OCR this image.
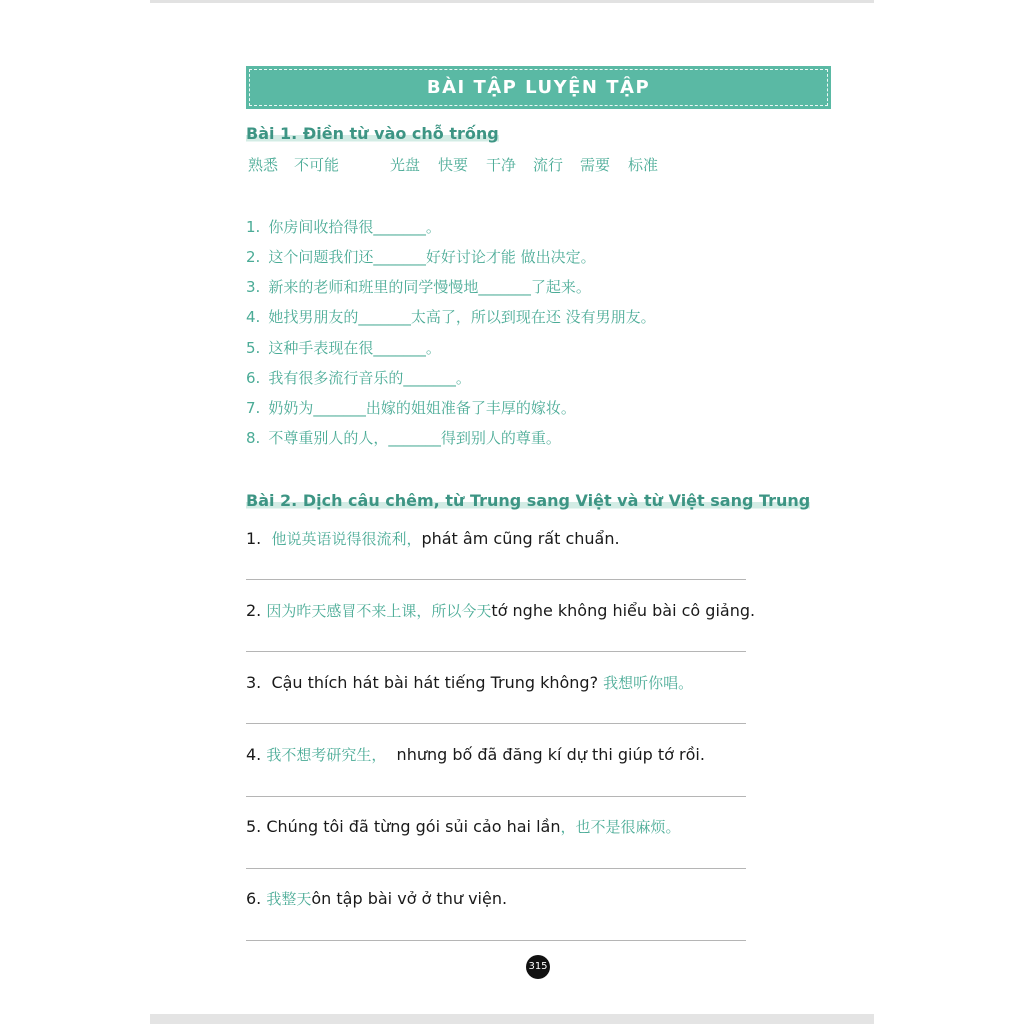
BÀI TẬP LUYỆN TẬP
Bài 1. Điền từ vào chỗ trống
熟悉 不可能	光盘 快要 干净 流行 需要 标准
1. 你房间收拾得很_______。
2. 这个问题我们还_______好好讨论才能 做出决定。
3. 新来的老师和班里的同学慢慢地_______了起来。
4. 她找男朋友的_______太高了，所以到现在还 没有男朋友。
5. 这种手表现在很_______。
6. 我有很多流行音乐的_______。
7. 奶奶为_______出嫁的姐姐准备了丰厚的嫁妆。
8. 不尊重别人的人，_______得到别人的尊重。
Bài 2. Dịch câu chêm, từ Trung sang Việt và từ Việt sang Trung
1. 他说英语说得很流利，phát âm cũng rất chuẩn.
2. 因为昨天感冒不来上课，所以今天tớ nghe không hiểu bài cô giảng.
3. Cậu thích hát bài hát tiếng Trung không? 我想听你唱。
4. 我不想考研究生， nhưng bố đã đăng kí dự thi giúp tớ rồi.
5. Chúng tôi đã từng gói sủi cảo hai lần，也不是很麻烦。
6. 我整天ôn tập bài vở ở thư viện.
315
